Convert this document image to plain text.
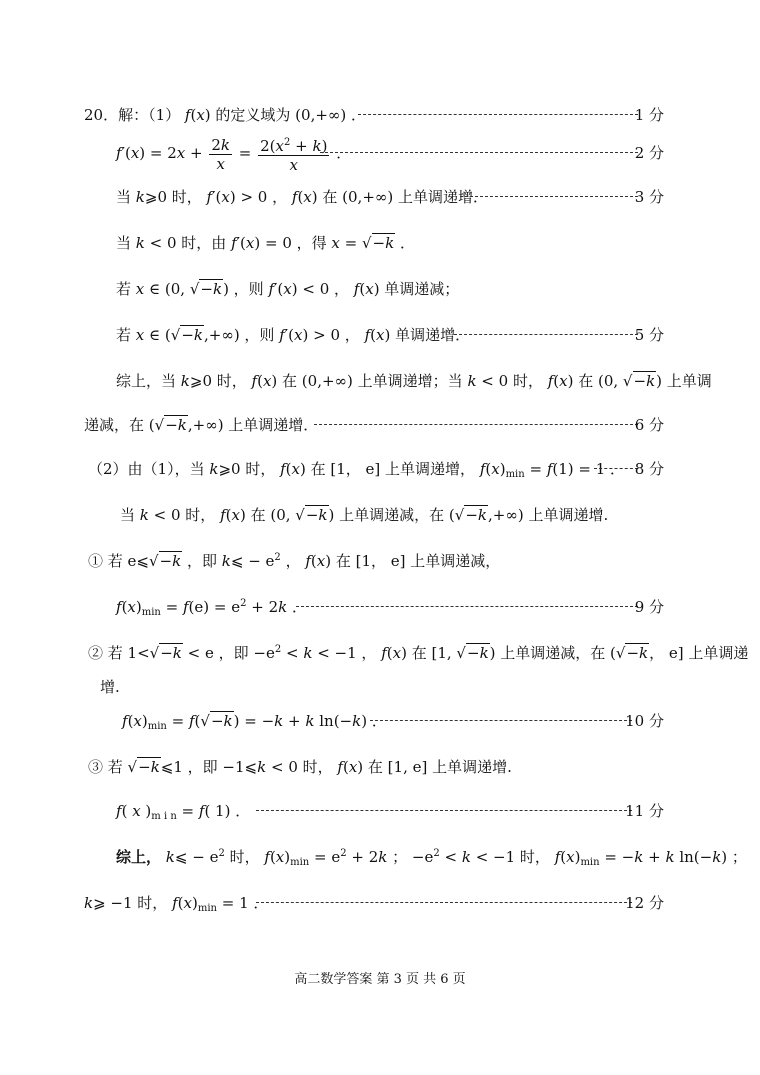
20．解：（1） f(x) 的定义域为 (0,+∞) ．	1 分
$f'(x) = 2x + \frac{2k}{x} = \frac{2(x^2 + k)}{x}$ ．	2 分
当 k⩾0 时， f′(x) > 0 ， f(x) 在 (0,+∞) 上单调递增．	3 分
当 k < 0 时，由 f′(x) = 0 ，得 x = √−k ．
若 x ∈ (0, √−k) ，则 f′(x) < 0 ， f(x) 单调递减；
若 x ∈ (√−k,+∞) ，则 f′(x) > 0 ， f(x) 单调递增．	5 分
综上，当 k⩾0 时， f(x) 在 (0,+∞) 上单调递增；当 k < 0 时， f(x) 在 (0, √−k) 上单调
递减，在 (√−k,+∞) 上单调递增．	6 分
（2）由（1），当 k⩾0 时， f(x) 在 [1， e] 上单调递增， $f(x)_{min} = f(1) = 1$ ． 8 分
当 k < 0 时， f(x) 在 (0, √−k) 上单调递减，在 (√−k,+∞) 上单调递增.
① 若 e⩽√−k ，即 k⩽ − $e^2$ ， f(x) 在 [1， e] 上单调递减，
$f(x)_{min} = f(e) = e^2 + 2k$ ．	9 分
② 若 1<√−k < e ，即 $-e^2 < k < -1$ ， f(x) 在 [1, √−k) 上单调递减，在 (√−k， e] 上单调递
增.
$f(x)_{min} = f(√-k) = -k + k$ ln(−k) ．	10 分
③ 若 √−k⩽1 ，即 −1⩽k < 0 时， f(x) 在 [1, e] 上单调递增.
f( x )$_{m i n} = f$( 1) ．	11 分
综上， k⩽ − $e^2$ 时， $f(x)_{min} = e^2 + 2k$ ； $-e^2 < k < -1$ 时， $f(x)_{min} = -k + k$ ln(−k) ；
k⩾ −1 时， $f(x)_{min} = 1$ ．	12 分
高二数学答案 第 3 页 共 6 页
